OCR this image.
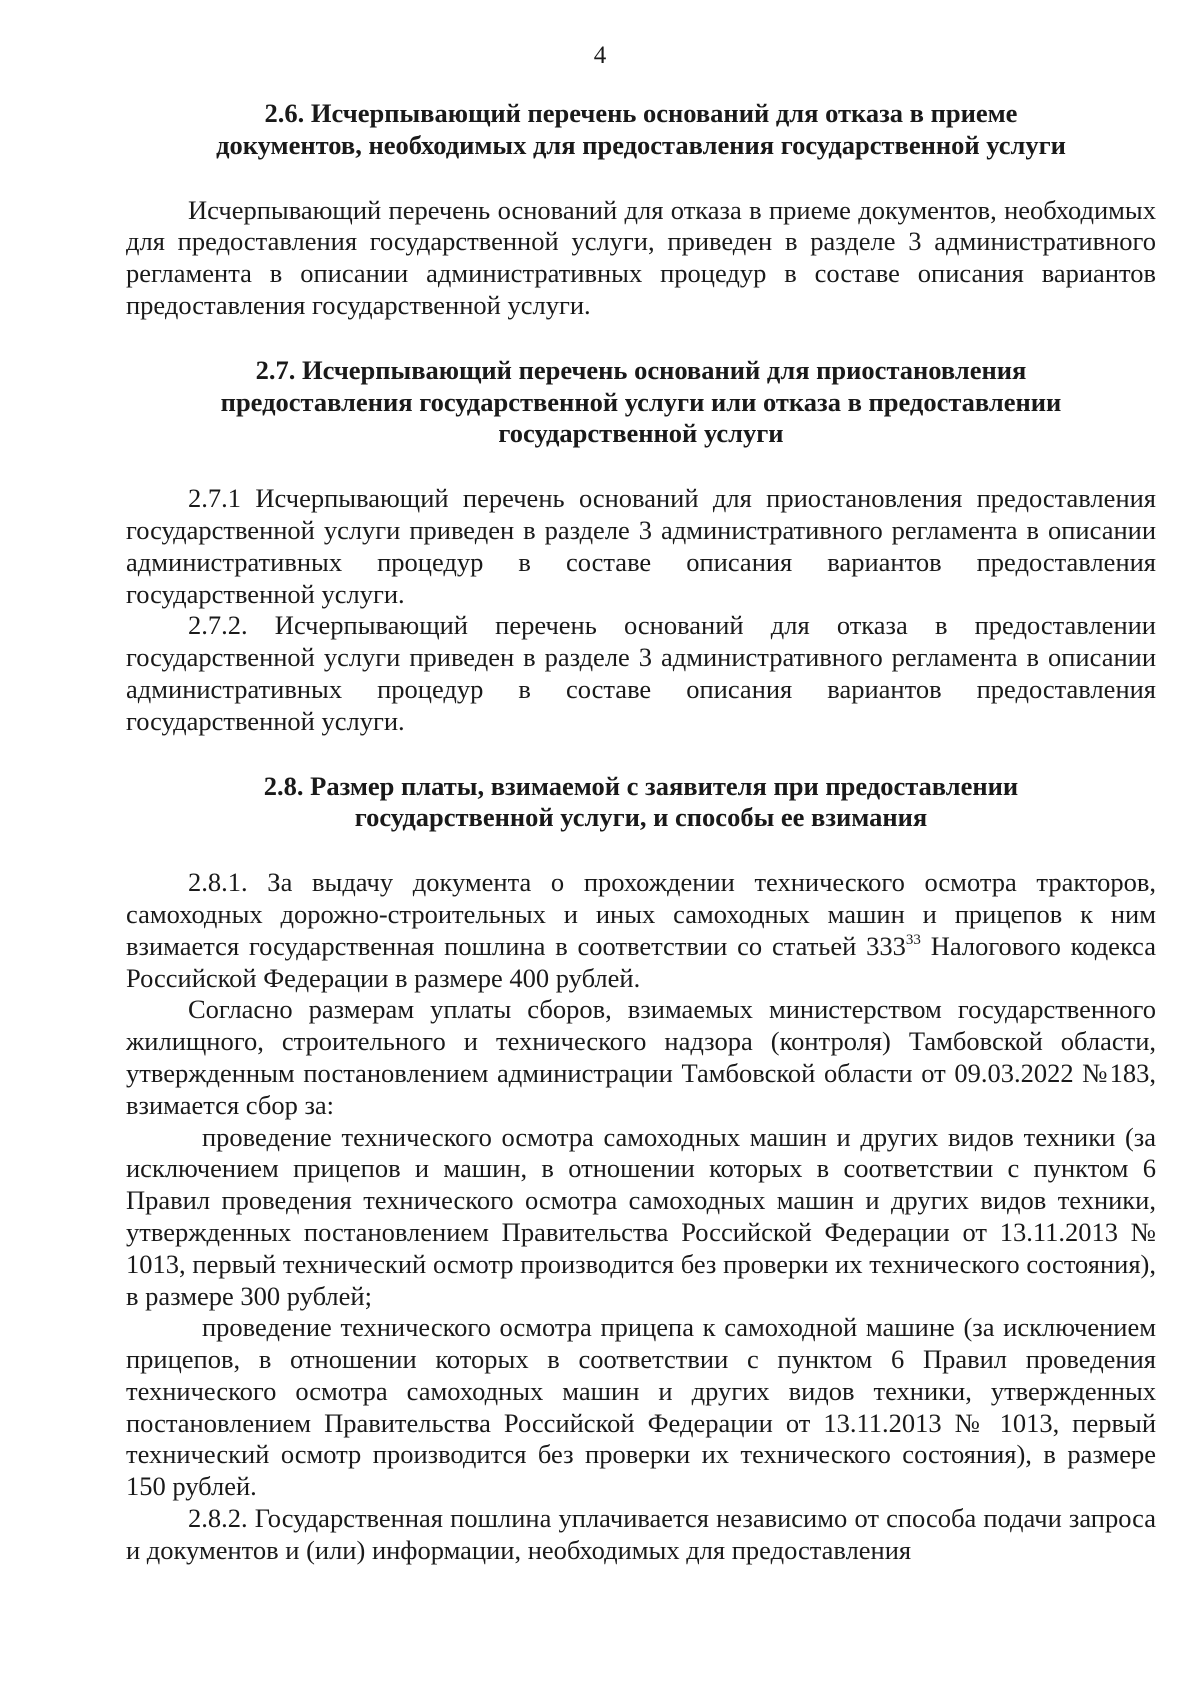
4
2.6. Исчерпывающий перечень оснований для отказа в приеме
документов, необходимых для предоставления государственной услуги

Исчерпывающий перечень оснований для отказа в приеме документов, необходимых для предоставления государственной услуги, приведен в разделе 3 административного регламента в описании административных процедур в составе описания вариантов предоставления государственной услуги.

2.7. Исчерпывающий перечень оснований для приостановления
предоставления государственной услуги или отказа в предоставлении
государственной услуги

2.7.1 Исчерпывающий перечень оснований для приостановления предоставления государственной услуги приведен в разделе 3 административного регламента в описании административных процедур в составе описания вариантов предоставления государственной услуги.

2.7.2. Исчерпывающий перечень оснований для отказа в предоставлении государственной услуги приведен в разделе 3 административного регламента в описании административных процедур в составе описания вариантов предоставления государственной услуги.

2.8. Размер платы, взимаемой с заявителя при предоставлении
государственной услуги, и способы ее взимания

2.8.1. За выдачу документа о прохождении технического осмотра тракторов, самоходных дорожно-строительных и иных самоходных машин и прицепов к ним взимается государственная пошлина в соответствии со статьей $333^{33}$ Налогового кодекса Российской Федерации в размере 400 рублей.

Согласно размерам уплаты сборов, взимаемых министерством государственного жилищного, строительного и технического надзора (контроля) Тамбовской области, утвержденным постановлением администрации Тамбовской области от 09.03.2022 №183, взимается сбор за:

проведение технического осмотра самоходных машин и других видов техники (за исключением прицепов и машин, в отношении которых в соответствии с пунктом 6 Правил проведения технического осмотра самоходных машин и других видов техники, утвержденных постановлением Правительства Российской Федерации от 13.11.2013 № 1013, первый технический осмотр производится без проверки их технического состояния), в размере 300 рублей;

проведение технического осмотра прицепа к самоходной машине (за исключением прицепов, в отношении которых в соответствии с пунктом 6 Правил проведения технического осмотра самоходных машин и других видов техники, утвержденных постановлением Правительства Российской Федерации от 13.11.2013 № 1013, первый технический осмотр производится без проверки их технического состояния), в размере 150 рублей.

2.8.2. Государственная пошлина уплачивается независимо от способа подачи запроса и документов и (или) информации, необходимых для предоставления
